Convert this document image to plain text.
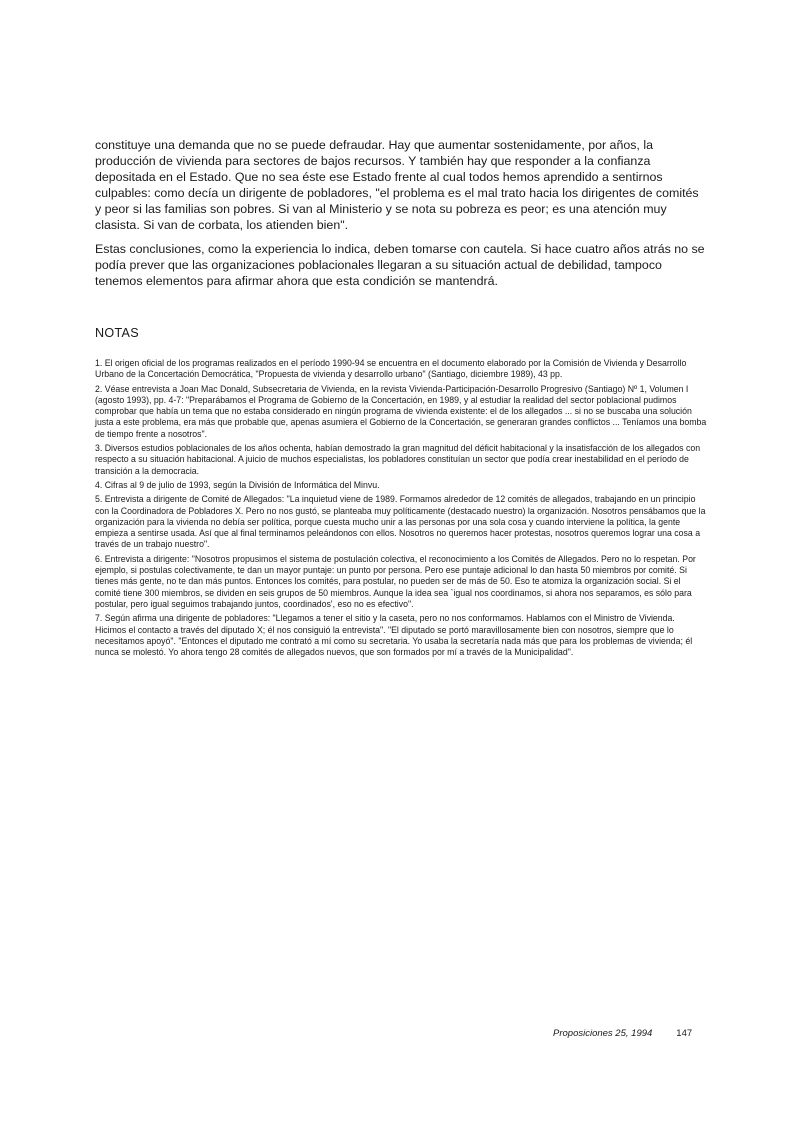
constituye una demanda que no se puede defraudar. Hay que aumentar sostenidamente, por años, la producción de vivienda para sectores de bajos recursos. Y también hay que responder a la confianza depositada en el Estado. Que no sea éste ese Estado frente al cual todos hemos aprendido a sentirnos culpables: como decía un dirigente de pobladores, "el problema es el mal trato hacia los dirigentes de comités y peor si las familias son pobres. Si van al Ministerio y se nota su pobreza es peor; es una atención muy clasista. Si van de corbata, los atienden bien".

Estas conclusiones, como la experiencia lo indica, deben tomarse con cautela. Si hace cuatro años atrás no se podía prever que las organizaciones poblacionales llegaran a su situación actual de debilidad, tampoco tenemos elementos para afirmar ahora que esta condición se mantendrá.

NOTAS

1. El origen oficial de los programas realizados en el período 1990-94 se encuentra en el documento elaborado por la Comisión de Vivienda y Desarrollo Urbano de la Concertación Democrática, "Propuesta de vivienda y desarrollo urbano" (Santiago, diciembre 1989), 43 pp.

2. Véase entrevista a Joan Mac Donald, Subsecretaria de Vivienda, en la revista Vivienda-Participación-Desarrollo Progresivo (Santiago) Nº 1, Volumen I (agosto 1993), pp. 4-7: "Preparábamos el Programa de Gobierno de la Concertación, en 1989, y al estudiar la realidad del sector poblacional pudimos comprobar que había un tema que no estaba considerado en ningún programa de vivienda existente: el de los allegados ... si no se buscaba una solución justa a este problema, era más que probable que, apenas asumiera el Gobierno de la Concertación, se generaran grandes conflictos ... Teníamos una bomba de tiempo frente a nosotros".

3. Diversos estudios poblacionales de los años ochenta, habían demostrado la gran magnitud del déficit habitacional y la insatisfacción de los allegados con respecto a su situación habitacional. A juicio de muchos especialistas, los pobladores constituían un sector que podía crear inestabilidad en el período de transición a la democracia.

4. Cifras al 9 de julio de 1993, según la División de Informática del Minvu.

5. Entrevista a dirigente de Comité de Allegados: "La inquietud viene de 1989. Formamos alrededor de 12 comités de allegados, trabajando en un principio con la Coordinadora de Pobladores X. Pero no nos gustó, se planteaba muy políticamente (destacado nuestro) la organización. Nosotros pensábamos que la organización para la vivienda no debía ser política, porque cuesta mucho unir a las personas por una sola cosa y cuando interviene la política, la gente empieza a sentirse usada. Así que al final terminamos peleándonos con ellos. Nosotros no queremos hacer protestas, nosotros queremos lograr una cosa a través de un trabajo nuestro".

6. Entrevista a dirigente: "Nosotros propusimos el sistema de postulación colectiva, el reconocimiento a los Comités de Allegados. Pero no lo respetan. Por ejemplo, si postulas colectivamente, te dan un mayor puntaje: un punto por persona. Pero ese puntaje adicional lo dan hasta 50 miembros por comité. Si tienes más gente, no te dan más puntos. Entonces los comités, para postular, no pueden ser de más de 50. Eso te atomiza la organización social. Si el comité tiene 300 miembros, se dividen en seis grupos de 50 miembros. Aunque la idea sea `igual nos coordinamos, si ahora nos separamos, es sólo para postular, pero igual seguimos trabajando juntos, coordinados', eso no es efectivo".

7. Según afirma una dirigente de pobladores: "Llegamos a tener el sitio y la caseta, pero no nos conformamos. Hablamos con el Ministro de Vivienda. Hicimos el contacto a través del diputado X; él nos consiguió la entrevista". "El diputado se portó maravillosamente bien con nosotros, siempre que lo necesitamos apoyó". "Entonces el diputado me contrató a mí como su secretaria. Yo usaba la secretaría nada más que para los problemas de vivienda; él nunca se molestó. Yo ahora tengo 28 comités de allegados nuevos, que son formados por mí a través de la Municipalidad".

Proposiciones 25, 1994	147
